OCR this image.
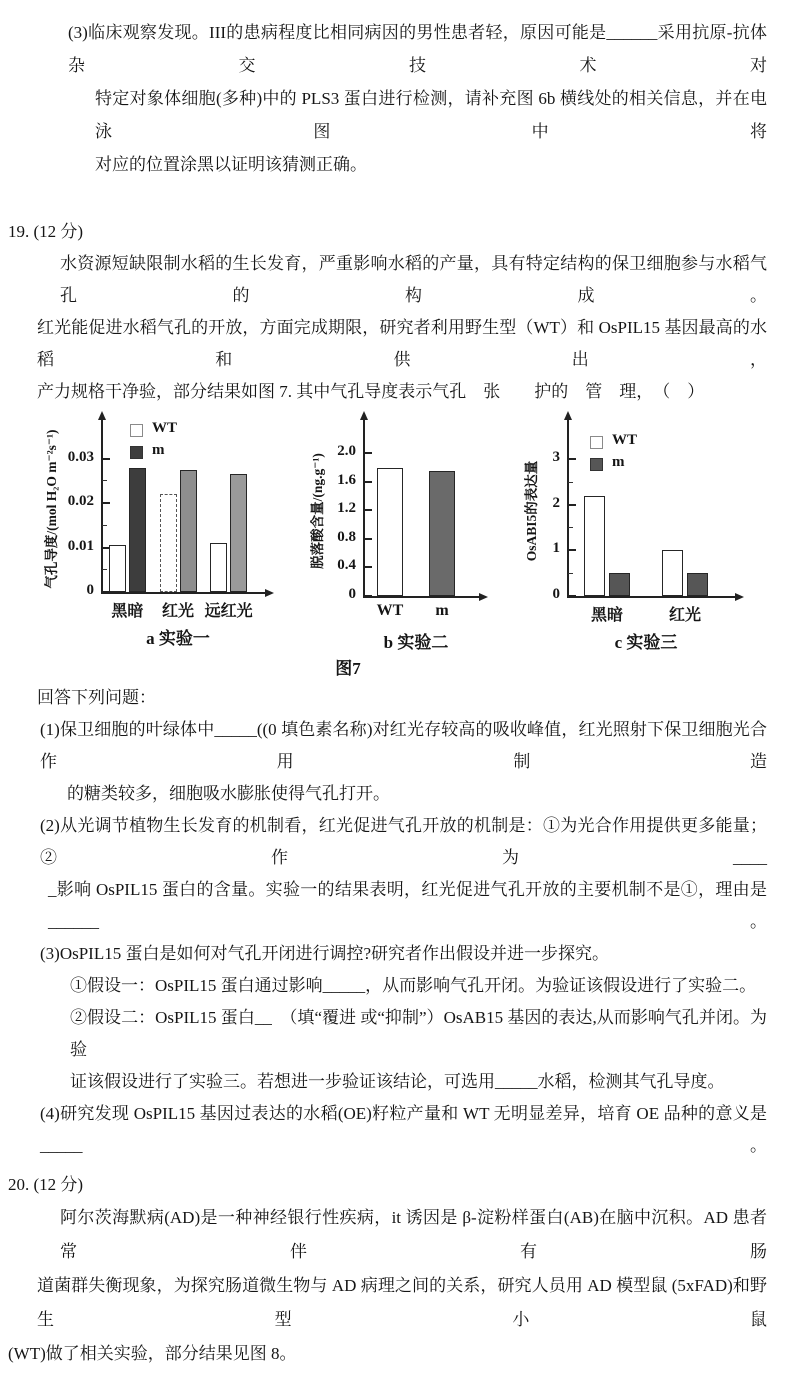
(3)临床观察发现。III的患病程度比相同病因的男性患者轻，原因可能是______采用抗原-抗体杂交技术对
特定对象体细胞(多种)中的 PLS3 蛋白进行检测，请补充图 6b 横线处的相关信息，并在电泳图中将
对应的位置涂黑以证明该猜测正确。
19. (12 分)
水资源短缺限制水稻的生长发育，严重影响水稻的产量，具有特定结构的保卫细胞参与水稻气孔的构成。
红光能促进水稻气孔的开放，方面完成期限，研究者利用野生型（WT）和 OsPIL15 基因最高的水稻和供出，
产力规格干净验，部分结果如图 7. 其中气孔导度表示气孔　张　　护的　管　理，　（　）
气孔导度/(mol H₂O m⁻²s⁻¹)
0
0.01
0.02
0.03
黑暗	红光 远红光
WT
m
a 实验一
脱落酸含量/(ng.g⁻¹)
0
0.4
0.8
1.2
1.6
2.0
WT	m
b 实验二
OsABI5的表达量
0
1
2
3
黑暗	红光
WT
m
c 实验三
图7
回答下列问题：
(1)保卫细胞的叶绿体中_____((0 填色素名称)对红光存较高的吸收峰值，红光照射下保卫细胞光合作用制造
的糖类较多，细胞吸水膨胀使得气孔打开。
(2)从光调节植物生长发育的机制看，红光促进气孔开放的机制是：①为光合作用提供更多能量；②作为____
_影响 OsPIL15 蛋白的含量。实验一的结果表明，红光促进气孔开放的主要机制不是①，理由是______。
(3)OsPIL15 蛋白是如何对气孔开闭进行调控?研究者作出假设并进一步探究。
①假设一：OsPIL15 蛋白通过影响_____，从而影响气孔开闭。为验证该假设进行了实验二。
②假设二：OsPIL15 蛋白__　（填“覆进 或“抑制”）OsAB15 基因的表达,从而影响气孔并闭。为验
证该假设进行了实验三。若想进一步验证该结论，可选用_____水稻，检测其气孔导度。
(4)研究发现 OsPIL15 基因过表达的水稻(OE)籽粒产量和 WT 无明显差异，培育 OE 品种的意义是_____。
20. (12 分)
阿尔茨海默病(AD)是一种神经银行性疾病，it 诱因是 β-淀粉样蛋白(AB)在脑中沉积。AD 患者常伴有肠
道菌群失衡现象，为探究肠道微生物与 AD 病理之间的关系，研究人员用 AD 模型鼠 (5xFAD)和野生型小鼠
(WT)做了相关实验，部分结果见图 8。
